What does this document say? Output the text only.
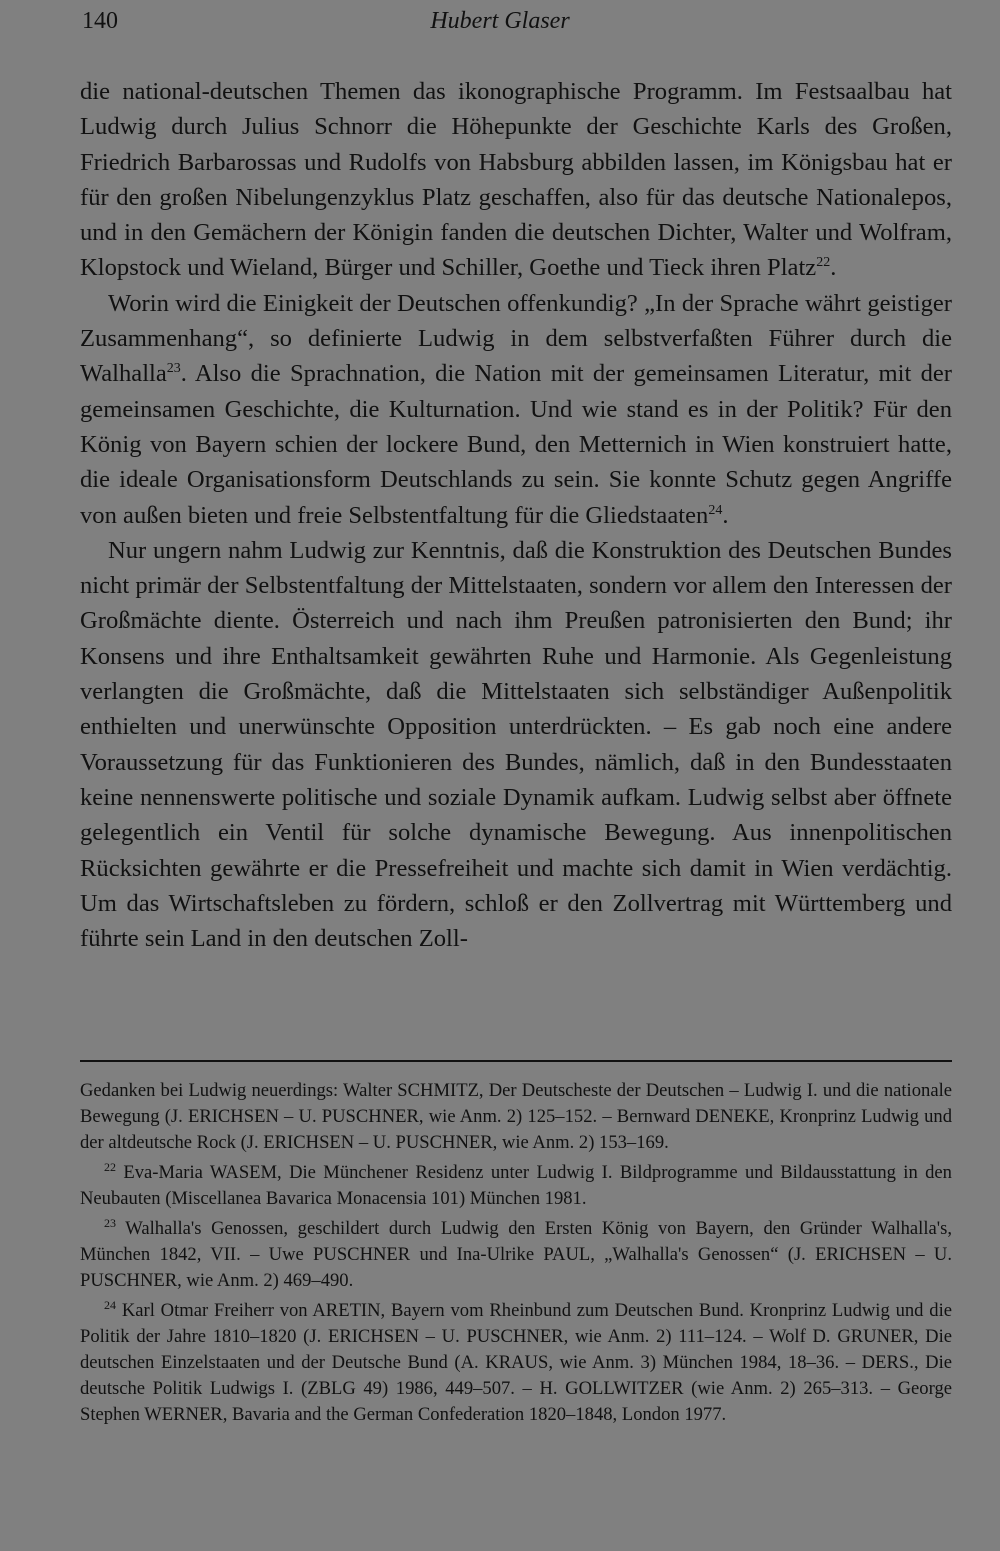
140	Hubert Glaser

die national-deutschen Themen das ikonographische Programm. Im Festsaalbau hat Ludwig durch Julius Schnorr die Höhepunkte der Geschichte Karls des Großen, Friedrich Barbarossas und Rudolfs von Habsburg abbilden lassen, im Königsbau hat er für den großen Nibelungenzyklus Platz geschaffen, also für das deutsche Nationalepos, und in den Gemächern der Königin fanden die deutschen Dichter, Walter und Wolfram, Klopstock und Wieland, Bürger und Schiller, Goethe und Tieck ihren Platz$^{22}$.

Worin wird die Einigkeit der Deutschen offenkundig? „In der Sprache währt geistiger Zusammenhang“, so definierte Ludwig in dem selbstverfaßten Führer durch die Walhalla$^{23}$. Also die Sprachnation, die Nation mit der gemeinsamen Literatur, mit der gemeinsamen Geschichte, die Kulturnation. Und wie stand es in der Politik? Für den König von Bayern schien der lockere Bund, den Metternich in Wien konstruiert hatte, die ideale Organisationsform Deutschlands zu sein. Sie konnte Schutz gegen Angriffe von außen bieten und freie Selbstentfaltung für die Gliedstaaten$^{24}$.

Nur ungern nahm Ludwig zur Kenntnis, daß die Konstruktion des Deutschen Bundes nicht primär der Selbstentfaltung der Mittelstaaten, sondern vor allem den Interessen der Großmächte diente. Österreich und nach ihm Preußen patronisierten den Bund; ihr Konsens und ihre Enthaltsamkeit gewährten Ruhe und Harmonie. Als Gegenleistung verlangten die Großmächte, daß die Mittelstaaten sich selbständiger Außenpolitik enthielten und unerwünschte Opposition unterdrückten. – Es gab noch eine andere Voraussetzung für das Funktionieren des Bundes, nämlich, daß in den Bundesstaaten keine nennenswerte politische und soziale Dynamik aufkam. Ludwig selbst aber öffnete gelegentlich ein Ventil für solche dynamische Bewegung. Aus innenpolitischen Rücksichten gewährte er die Pressefreiheit und machte sich damit in Wien verdächtig. Um das Wirtschaftsleben zu fördern, schloß er den Zollvertrag mit Württemberg und führte sein Land in den deutschen Zoll-

Gedanken bei Ludwig neuerdings: Walter SCHMITZ, Der Deutscheste der Deutschen – Ludwig I. und die nationale Bewegung (J. ERICHSEN – U. PUSCHNER, wie Anm. 2) 125–152. – Bernward DENEKE, Kronprinz Ludwig und der altdeutsche Rock (J. ERICHSEN – U. PUSCHNER, wie Anm. 2) 153–169.

$^{22}$ Eva-Maria WASEM, Die Münchener Residenz unter Ludwig I. Bildprogramme und Bildausstattung in den Neubauten (Miscellanea Bavarica Monacensia 101) München 1981.

$^{23}$ Walhalla's Genossen, geschildert durch Ludwig den Ersten König von Bayern, den Gründer Walhalla's, München 1842, VII. – Uwe PUSCHNER und Ina-Ulrike PAUL, „Walhalla's Genossen“ (J. ERICHSEN – U. PUSCHNER, wie Anm. 2) 469–490.

$^{24}$ Karl Otmar Freiherr von ARETIN, Bayern vom Rheinbund zum Deutschen Bund. Kronprinz Ludwig und die Politik der Jahre 1810–1820 (J. ERICHSEN – U. PUSCHNER, wie Anm. 2) 111–124. – Wolf D. GRUNER, Die deutschen Einzelstaaten und der Deutsche Bund (A. KRAUS, wie Anm. 3) München 1984, 18–36. – DERS., Die deutsche Politik Ludwigs I. (ZBLG 49) 1986, 449–507. – H. GOLLWITZER (wie Anm. 2) 265–313. – George Stephen WERNER, Bavaria and the German Confederation 1820–1848, London 1977.
